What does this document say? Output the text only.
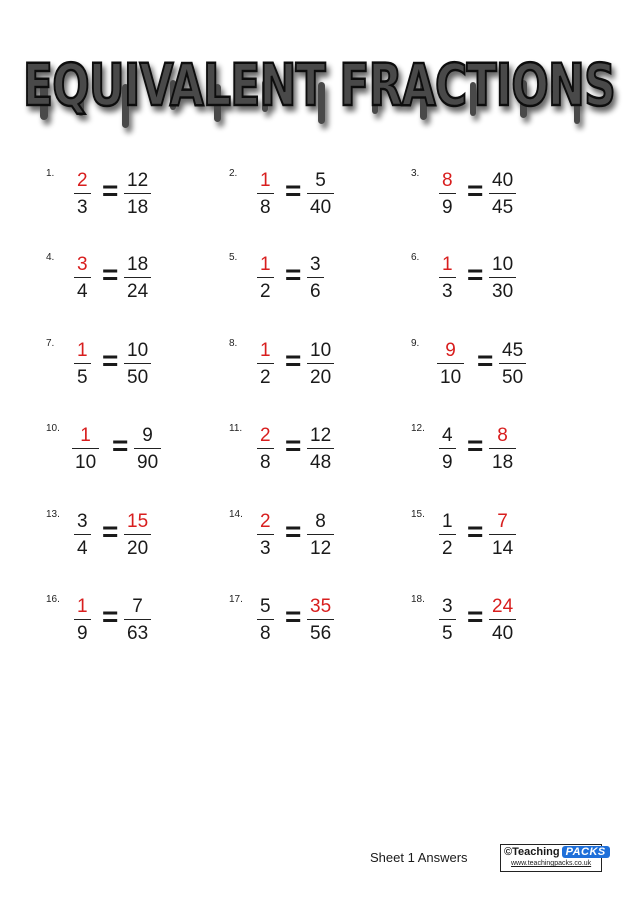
EQUIVALENT FRACTIONS
1. $\frac{2}{3} = \frac{12}{18}$	2. $\frac{1}{8} = \frac{5}{40}$	3. $\frac{8}{9} = \frac{40}{45}$
4. $\frac{3}{4} = \frac{18}{24}$	5. $\frac{1}{2} = \frac{3}{6}$	6. $\frac{1}{3} = \frac{10}{30}$
7. $\frac{1}{5} = \frac{10}{50}$	8. $\frac{1}{2} = \frac{10}{20}$	9. $\frac{9}{10} = \frac{45}{50}$
10. $\frac{1}{10} = \frac{9}{90}$	11. $\frac{2}{8} = \frac{12}{48}$	12. $\frac{4}{9} = \frac{8}{18}$
13. $\frac{3}{4} = \frac{15}{20}$	14. $\frac{2}{3} = \frac{8}{12}$	15. $\frac{1}{2} = \frac{7}{14}$
16. $\frac{1}{9} = \frac{7}{63}$	17. $\frac{5}{8} = \frac{35}{56}$	18. $\frac{3}{5} = \frac{24}{40}$
Sheet 1 Answers	©Teaching PACKS
www.teachingpacks.co.uk
